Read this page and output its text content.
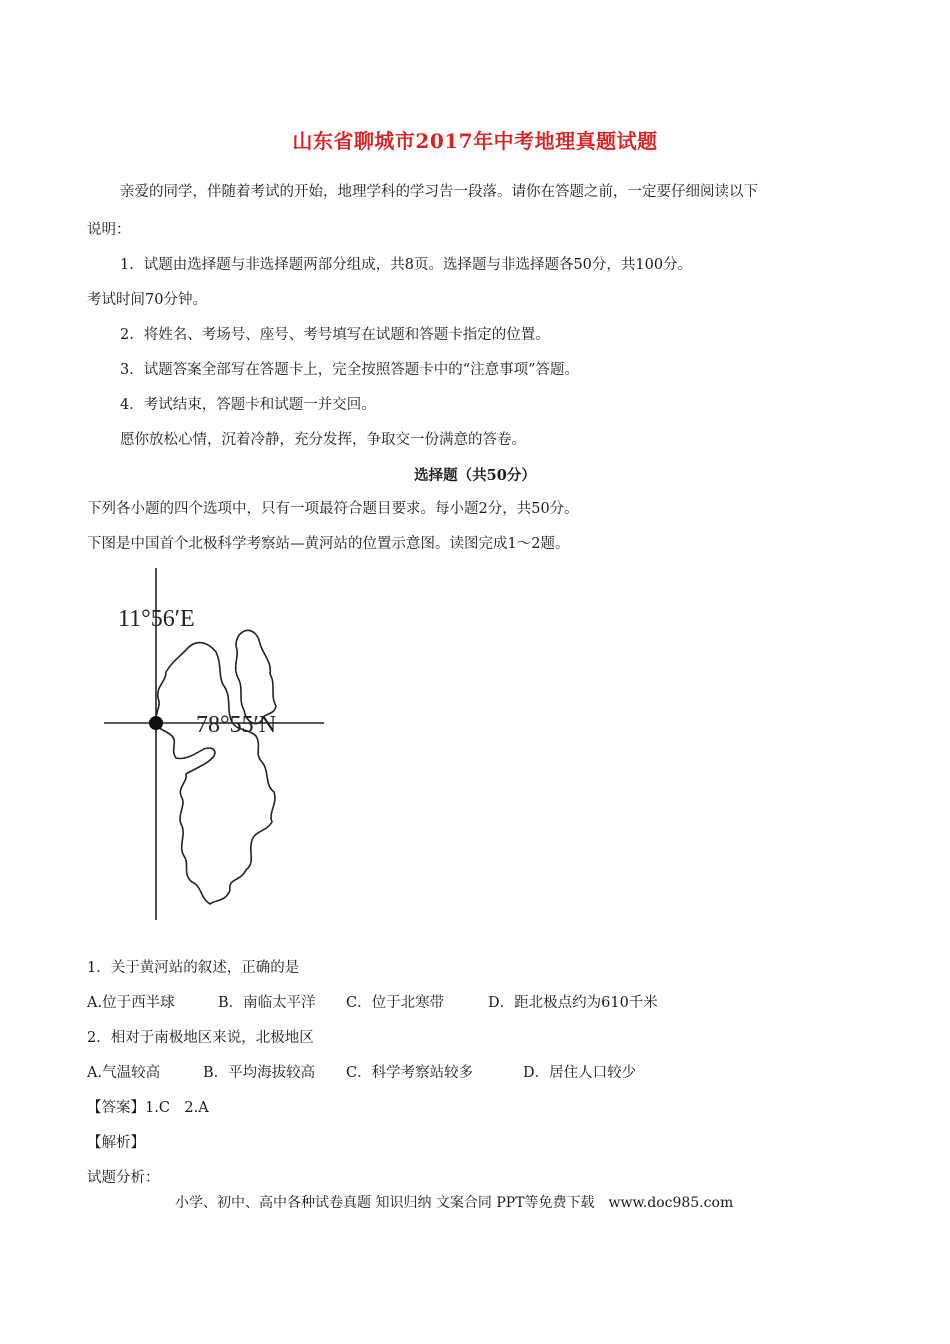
山东省聊城市2017年中考地理真题试题
亲爱的同学，伴随着考试的开始，地理学科的学习告一段落。请你在答题之前，一定要仔细阅读以下
说明：
1．试题由选择题与非选择题两部分组成，共8页。选择题与非选择题各50分，共100分。
考试时间70分钟。
2．将姓名、考场号、座号、考号填写在试题和答题卡指定的位置。
3．试题答案全部写在答题卡上，完全按照答题卡中的“注意事项”答题。
4．考试结束，答题卡和试题一并交回。
愿你放松心情，沉着冷静，充分发挥，争取交一份满意的答卷。
选择题（共50分）
下列各小题的四个选项中，只有一项最符合题目要求。每小题2分，共50分。
下图是中国首个北极科学考察站—黄河站的位置示意图。读图完成1～2题。
11°56′E
78°55′N
1．关于黄河站的叙述，正确的是
A.位于西半球	B．南临太平洋 C．位于北寒带	D．距北极点约为610千米
2．相对于南极地区来说，北极地区
A.气温较高	B．平均海拔较高 C．科学考察站较多	D．居住人口较少
【答案】1.C　2.A
【解析】
试题分析：
小学、初中、高中各种试卷真题 知识归纳 文案合同 PPT等免费下载　www.doc985.com
